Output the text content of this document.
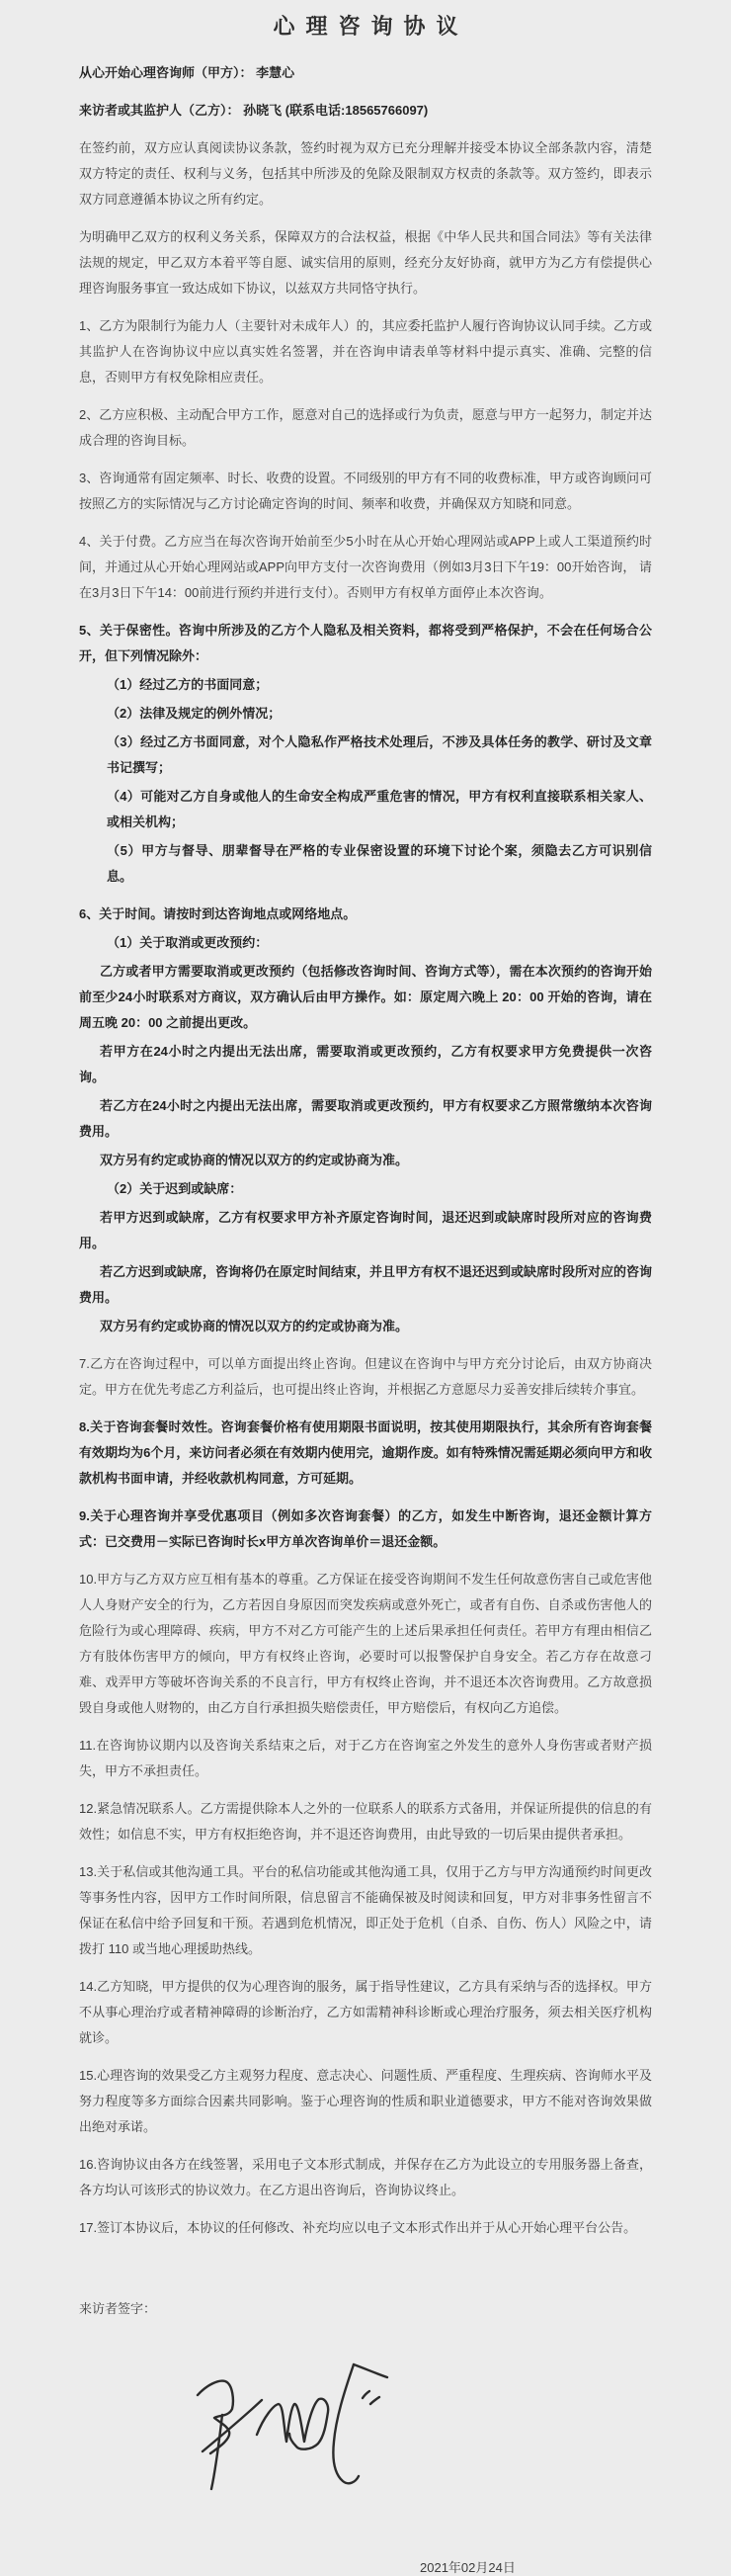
心理咨询协议

从心开始心理咨询师（甲方）： 李慧心

来访者或其监护人（乙方）： 孙晓飞 (联系电话:18565766097)

在签约前，双方应认真阅读协议条款，签约时视为双方已充分理解并接受本协议全部条款内容，清楚双方特定的责任、权利与义务，包括其中所涉及的免除及限制双方权责的条款等。双方签约，即表示双方同意遵循本协议之所有约定。

为明确甲乙双方的权利义务关系，保障双方的合法权益，根据《中华人民共和国合同法》等有关法律法规的规定，甲乙双方本着平等自愿、诚实信用的原则，经充分友好协商，就甲方为乙方有偿提供心理咨询服务事宜一致达成如下协议，以兹双方共同恪守执行。

1、乙方为限制行为能力人（主要针对未成年人）的，其应委托监护人履行咨询协议认同手续。乙方或其监护人在咨询协议中应以真实姓名签署，并在咨询申请表单等材料中提示真实、准确、完整的信息，否则甲方有权免除相应责任。

2、乙方应积极、主动配合甲方工作，愿意对自己的选择或行为负责，愿意与甲方一起努力，制定并达成合理的咨询目标。

3、咨询通常有固定频率、时长、收费的设置。不同级别的甲方有不同的收费标准，甲方或咨询顾问可按照乙方的实际情况与乙方讨论确定咨询的时间、频率和收费，并确保双方知晓和同意。

4、关于付费。乙方应当在每次咨询开始前至少5小时在从心开始心理网站或APP上或人工渠道预约时间，并通过从心开始心理网站或APP向甲方支付一次咨询费用（例如3月3日下午19：00开始咨询， 请在3月3日下午14：00前进行预约并进行支付）。否则甲方有权单方面停止本次咨询。

5、关于保密性。咨询中所涉及的乙方个人隐私及相关资料，都将受到严格保护，不会在任何场合公开，但下列情况除外：

（1）经过乙方的书面同意；

（2）法律及规定的例外情况；

（3）经过乙方书面同意，对个人隐私作严格技术处理后，不涉及具体任务的教学、研讨及文章书记撰写；

（4）可能对乙方自身或他人的生命安全构成严重危害的情况，甲方有权利直接联系相关家人、或相关机构；

（5）甲方与督导、朋辈督导在严格的专业保密设置的环境下讨论个案，须隐去乙方可识别信息。

6、关于时间。请按时到达咨询地点或网络地点。

（1）关于取消或更改预约：

乙方或者甲方需要取消或更改预约（包括修改咨询时间、咨询方式等），需在本次预约的咨询开始前至少24小时联系对方商议，双方确认后由甲方操作。如：原定周六晚上 20：00 开始的咨询，请在周五晚 20：00 之前提出更改。

若甲方在24小时之内提出无法出席，需要取消或更改预约，乙方有权要求甲方免费提供一次咨询。

若乙方在24小时之内提出无法出席，需要取消或更改预约，甲方有权要求乙方照常缴纳本次咨询费用。

双方另有约定或协商的情况以双方的约定或协商为准。

（2）关于迟到或缺席：

若甲方迟到或缺席，乙方有权要求甲方补齐原定咨询时间，退还迟到或缺席时段所对应的咨询费用。

若乙方迟到或缺席，咨询将仍在原定时间结束，并且甲方有权不退还迟到或缺席时段所对应的咨询费用。

双方另有约定或协商的情况以双方的约定或协商为准。

7.乙方在咨询过程中，可以单方面提出终止咨询。但建议在咨询中与甲方充分讨论后，由双方协商决定。甲方在优先考虑乙方利益后，也可提出终止咨询，并根据乙方意愿尽力妥善安排后续转介事宜。

8.关于咨询套餐时效性。咨询套餐价格有使用期限书面说明，按其使用期限执行，其余所有咨询套餐有效期均为6个月，来访问者必须在有效期内使用完，逾期作废。如有特殊情况需延期必须向甲方和收款机构书面申请，并经收款机构同意，方可延期。

9.关于心理咨询并享受优惠项目（例如多次咨询套餐）的乙方，如发生中断咨询，退还金额计算方式：已交费用－实际已咨询时长x甲方单次咨询单价＝退还金额。

10.甲方与乙方双方应互相有基本的尊重。乙方保证在接受咨询期间不发生任何故意伤害自己或危害他人人身财产安全的行为，乙方若因自身原因而突发疾病或意外死亡，或者有自伤、自杀或伤害他人的危险行为或心理障碍、疾病，甲方不对乙方可能产生的上述后果承担任何责任。若甲方有理由相信乙方有肢体伤害甲方的倾向，甲方有权终止咨询，必要时可以报警保护自身安全。若乙方存在故意刁难、戏弄甲方等破坏咨询关系的不良言行，甲方有权终止咨询，并不退还本次咨询费用。乙方故意损毁自身或他人财物的，由乙方自行承担损失赔偿责任，甲方赔偿后，有权向乙方追偿。

11.在咨询协议期内以及咨询关系结束之后，对于乙方在咨询室之外发生的意外人身伤害或者财产损失，甲方不承担责任。

12.紧急情况联系人。乙方需提供除本人之外的一位联系人的联系方式备用，并保证所提供的信息的有效性；如信息不实，甲方有权拒绝咨询，并不退还咨询费用，由此导致的一切后果由提供者承担。

13.关于私信或其他沟通工具。平台的私信功能或其他沟通工具，仅用于乙方与甲方沟通预约时间更改等事务性内容，因甲方工作时间所限，信息留言不能确保被及时阅读和回复，甲方对非事务性留言不保证在私信中给予回复和干预。若遇到危机情况，即正处于危机（自杀、自伤、伤人）风险之中，请拨打 110 或当地心理援助热线。

14.乙方知晓，甲方提供的仅为心理咨询的服务，属于指导性建议，乙方具有采纳与否的选择权。甲方不从事心理治疗或者精神障碍的诊断治疗，乙方如需精神科诊断或心理治疗服务，须去相关医疗机构就诊。

15.心理咨询的效果受乙方主观努力程度、意志决心、问题性质、严重程度、生理疾病、咨询师水平及努力程度等多方面综合因素共同影响。鉴于心理咨询的性质和职业道德要求，甲方不能对咨询效果做出绝对承诺。

16.咨询协议由各方在线签署，采用电子文本形式制成，并保存在乙方为此设立的专用服务器上备查，各方均认可该形式的协议效力。在乙方退出咨询后，咨询协议终止。

17.签订本协议后，本协议的任何修改、补充均应以电子文本形式作出并于从心开始心理平台公告。

来访者签字：

2021年02月24日
